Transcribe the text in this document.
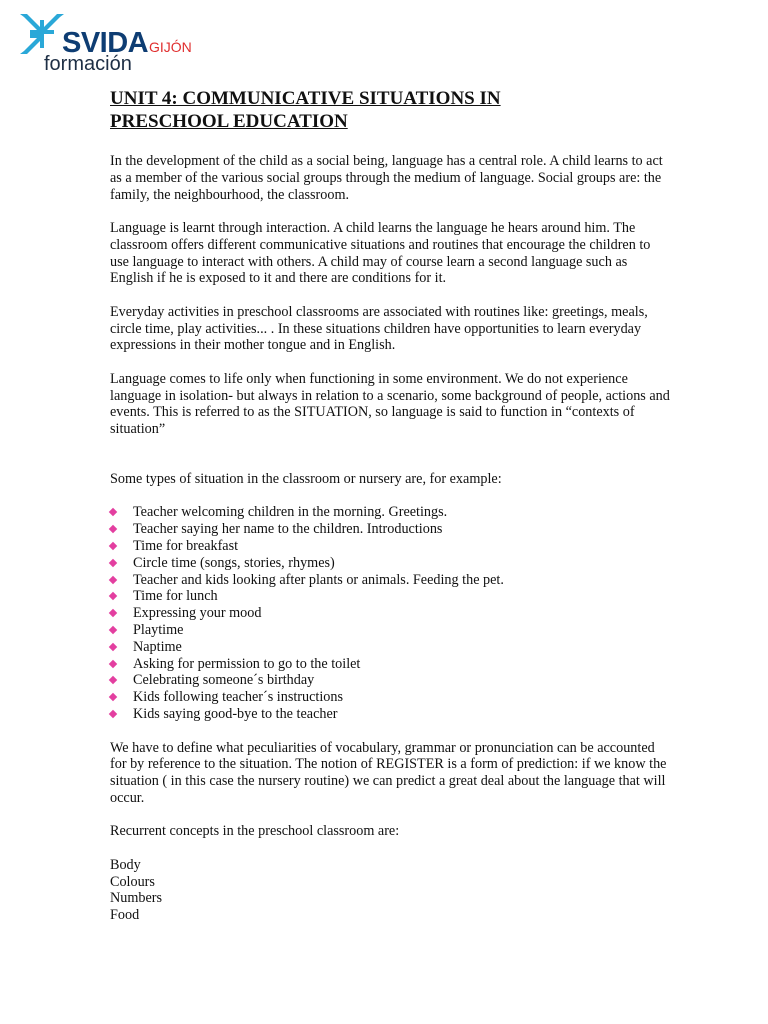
SVIDA GIJÓN
formación
UNIT 4: COMMUNICATIVE SITUATIONS IN
PRESCHOOL EDUCATION

In the development of the child as a social being, language has a central role. A child learns to act as a member of the various social groups through the medium of language. Social groups are: the family, the neighbourhood, the classroom.

Language is learnt through interaction. A child learns the language he hears around him. The classroom offers different communicative situations and routines that encourage the children to use language to interact with others. A child may of course learn a second language such as English if he is exposed to it and there are conditions for it.

Everyday activities in preschool classrooms are associated with routines like: greetings, meals, circle time, play activities... . In these situations children have opportunities to learn everyday expressions in their mother tongue and in English.

Language comes to life only when functioning in some environment. We do not experience language in isolation- but always in relation to a scenario, some background of people, actions and events. This is referred to as the SITUATION, so language is said to function in “contexts of situation”

Some types of situation in the classroom or nursery are, for example:

Teacher welcoming children in the morning. Greetings.
Teacher saying her name to the children. Introductions
Time for breakfast
Circle time (songs, stories, rhymes)
Teacher and kids looking after plants or animals. Feeding the pet.
Time for lunch
Expressing your mood
Playtime
Naptime
Asking for permission to go to the toilet
Celebrating someone´s birthday
Kids following teacher´s instructions
Kids saying good-bye to the teacher

We have to define what peculiarities of vocabulary, grammar or pronunciation can be accounted for by reference to the situation. The notion of REGISTER is a form of prediction: if we know the situation ( in this case the nursery routine) we can predict a great deal about the language that will occur.

Recurrent concepts in the preschool classroom are:

Body
Colours
Numbers
Food
